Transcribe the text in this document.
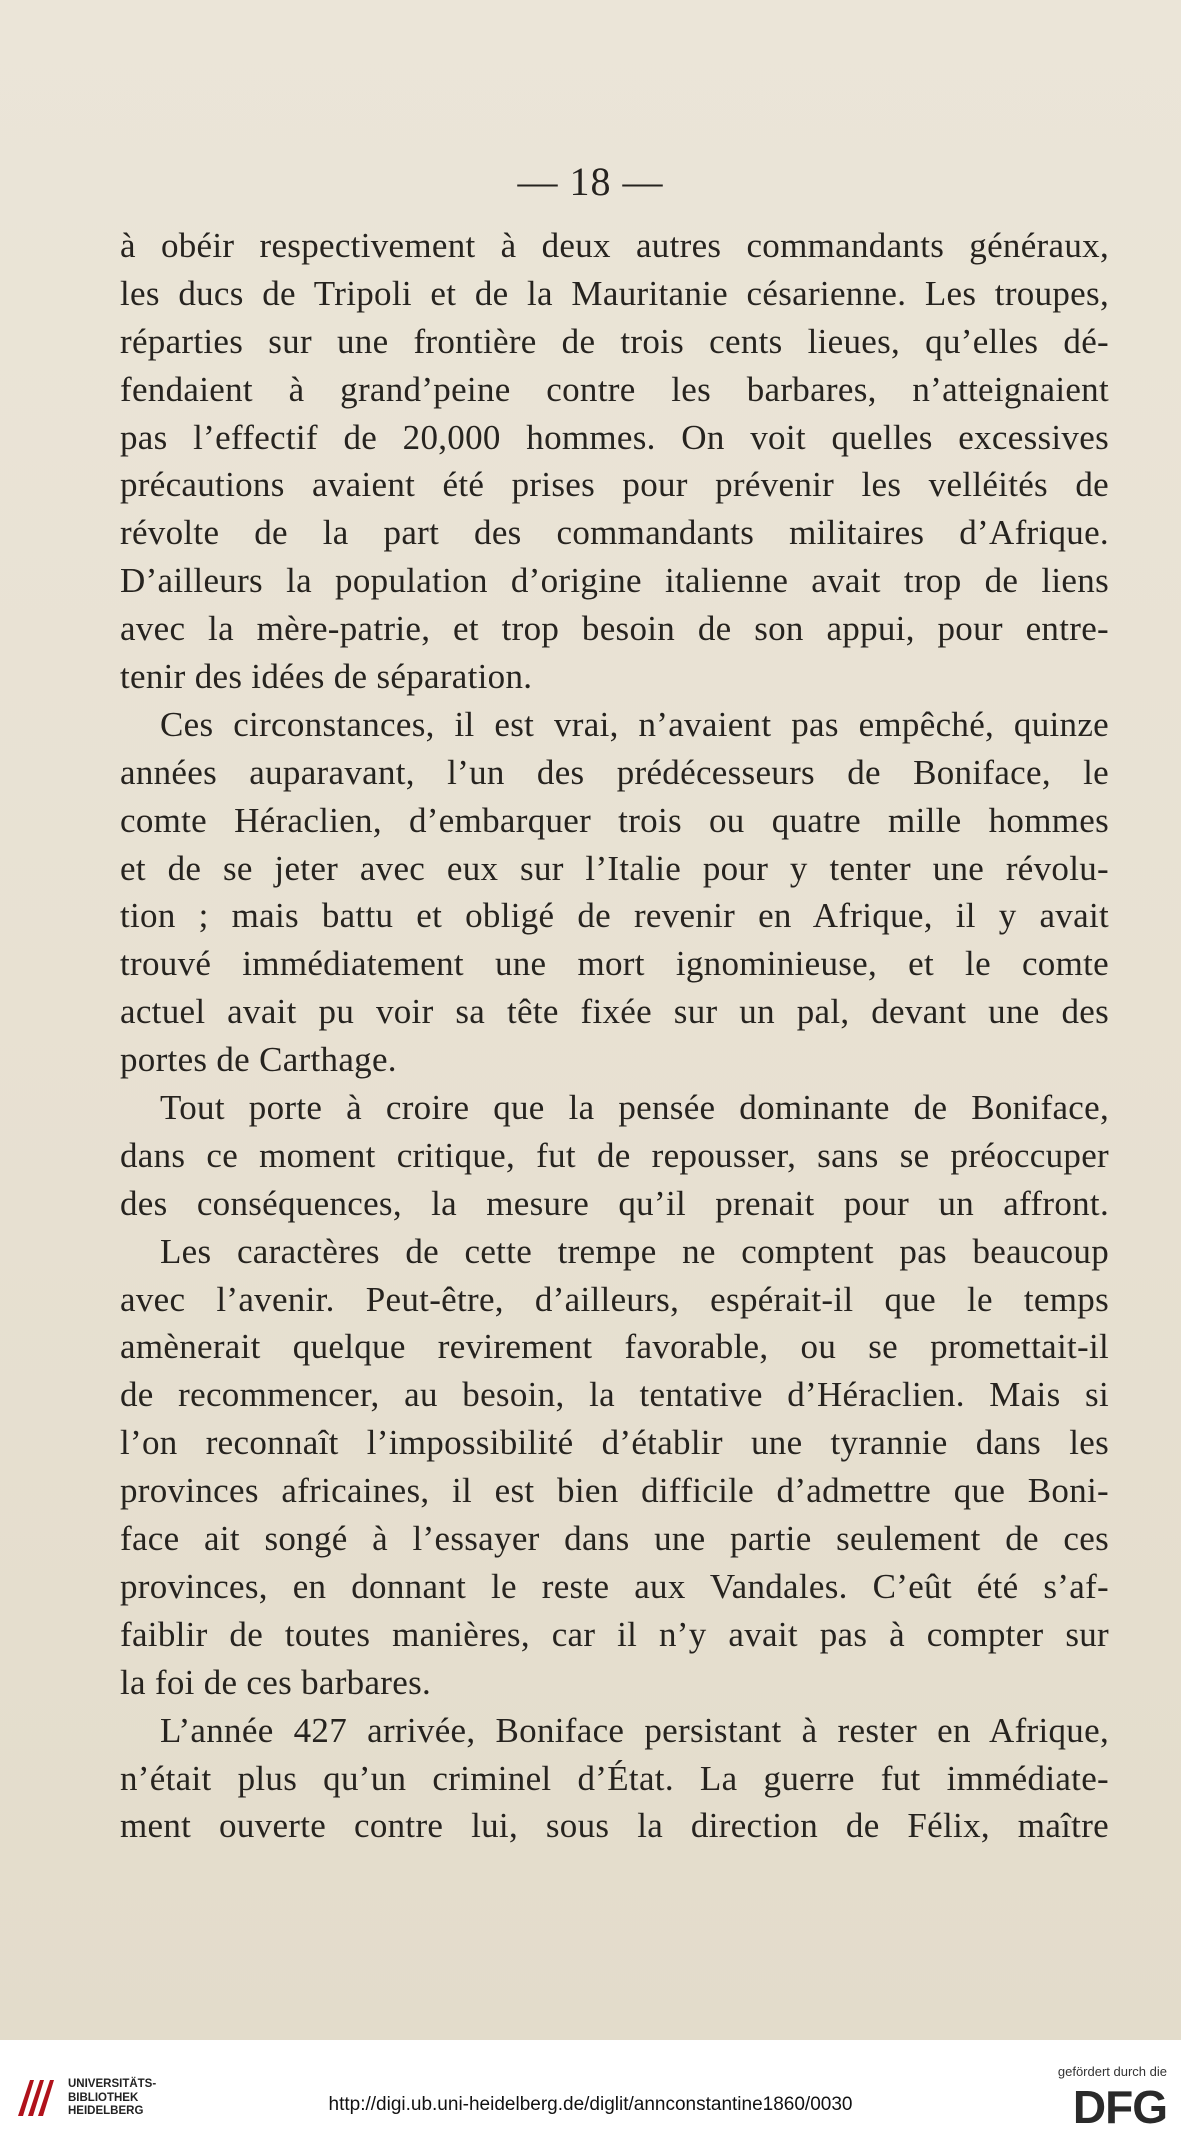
— 18 —
à obéir respectivement à deux autres commandants généraux,
les ducs de Tripoli et de la Mauritanie césarienne. Les troupes,
réparties sur une frontière de trois cents lieues, qu’elles dé-
fendaient à grand’peine contre les barbares, n’atteignaient
pas l’effectif de 20,000 hommes. On voit quelles excessives
précautions avaient été prises pour prévenir les velléités de
révolte de la part des commandants militaires d’Afrique.
D’ailleurs la population d’origine italienne avait trop de liens
avec la mère-patrie, et trop besoin de son appui, pour entre-
tenir des idées de séparation.
Ces circonstances, il est vrai, n’avaient pas empêché, quinze
années auparavant, l’un des prédécesseurs de Boniface, le
comte Héraclien, d’embarquer trois ou quatre mille hommes
et de se jeter avec eux sur l’Italie pour y tenter une révolu-
tion ; mais battu et obligé de revenir en Afrique, il y avait
trouvé immédiatement une mort ignominieuse, et le comte
actuel avait pu voir sa tête fixée sur un pal, devant une des
portes de Carthage.
Tout porte à croire que la pensée dominante de Boniface,
dans ce moment critique, fut de repousser, sans se préoccuper
des conséquences, la mesure qu’il prenait pour un affront.
Les caractères de cette trempe ne comptent pas beaucoup
avec l’avenir. Peut-être, d’ailleurs, espérait-il que le temps
amènerait quelque revirement favorable, ou se promettait-il
de recommencer, au besoin, la tentative d’Héraclien. Mais si
l’on reconnaît l’impossibilité d’établir une tyrannie dans les
provinces africaines, il est bien difficile d’admettre que Boni-
face ait songé à l’essayer dans une partie seulement de ces
provinces, en donnant le reste aux Vandales. C’eût été s’af-
faiblir de toutes manières, car il n’y avait pas à compter sur
la foi de ces barbares.
L’année 427 arrivée, Boniface persistant à rester en Afrique,
n’était plus qu’un criminel d’État. La guerre fut immédiate-
ment ouverte contre lui, sous la direction de Félix, maître
UNIVERSITÄTS-
BIBLIOTHEK
HEIDELBERG	http://digi.ub.uni-heidelberg.de/diglit/annconstantine1860/0030
gefördert durch die
DFG
